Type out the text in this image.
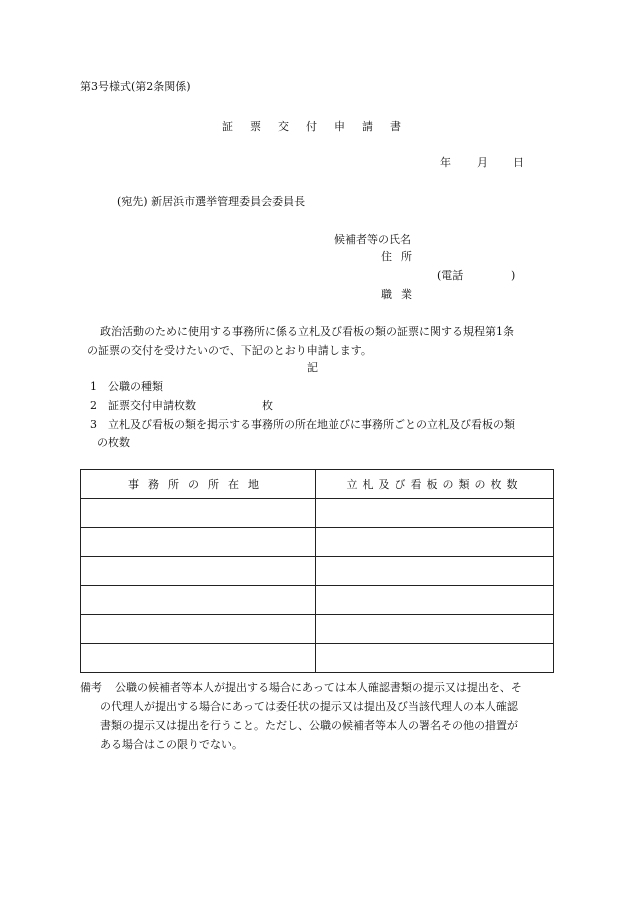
第3号様式(第2条関係)
証票交付申請書
年 月 日
(宛先) 新居浜市選挙管理委員会委員長
候補者等の氏名
住所
(電話	)
職業
政治活動のために使用する事務所に係る立札及び看板の類の証票に関する規程第1条
の証票の交付を受けたいので、下記のとおり申請します。
記
1 公職の種類
2 証票交付申請枚数	枚
3 立札及び看板の類を掲示する事務所の所在地並びに事務所ごとの立札及び看板の類
の枚数
事務所の所在地	立札及び看板の類の枚数

備考 公職の候補者等本人が提出する場合にあっては本人確認書類の提示又は提出を、そ
の代理人が提出する場合にあっては委任状の提示又は提出及び当該代理人の本人確認
書類の提示又は提出を行うこと。ただし、公職の候補者等本人の署名その他の措置が
ある場合はこの限りでない。
